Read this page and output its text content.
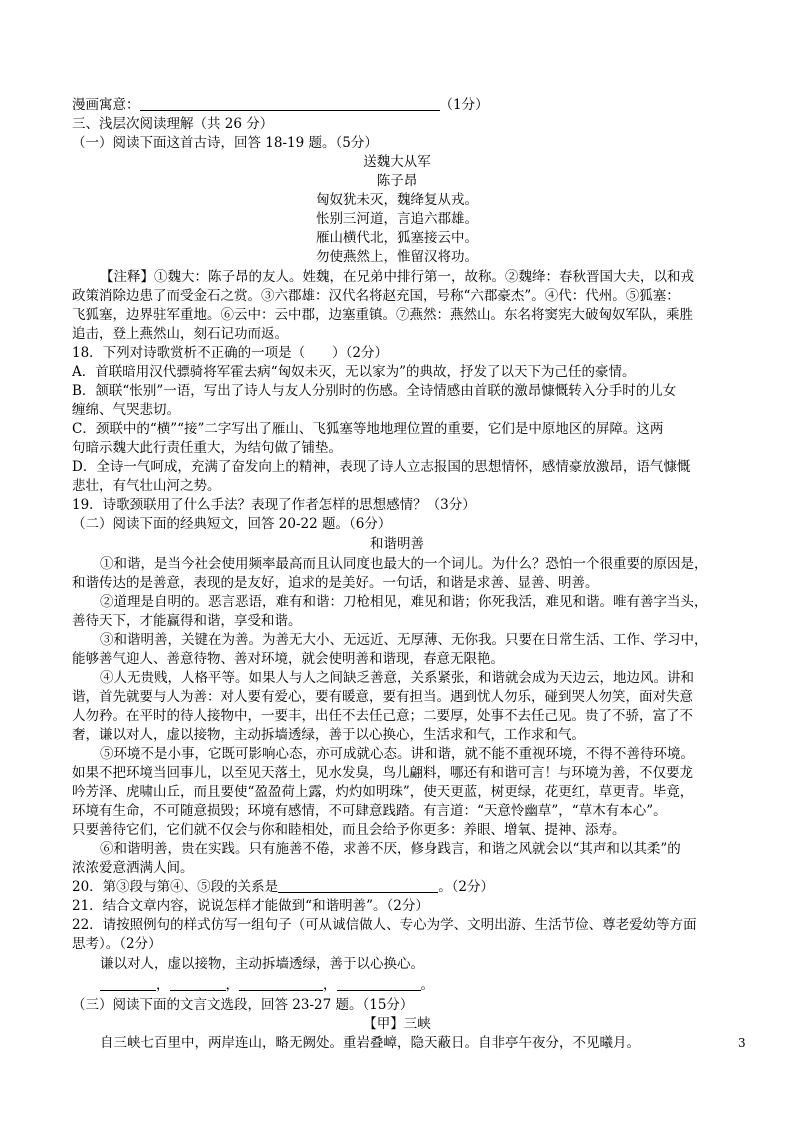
漫画寓意：	（1分）
三、浅层次阅读理解（共 26 分）
（一）阅读下面这首古诗，回答 18-19 题。（5分）
送魏大从军
陈子昂
匈奴犹未灭，魏绛复从戎。
怅别三河道，言追六郡雄。
雁山横代北，狐塞接云中。
勿使燕然上，惟留汉将功。
【注释】①魏大：陈子昂的友人。姓魏，在兄弟中排行第一，故称。②魏绛：春秋晋国大夫，以和戎
政策消除边患了而受金石之赏。③六郡雄：汉代名将赵充国，号称“六郡豪杰”。④代：代州。⑤狐塞：
飞狐塞，边界驻军重地。⑥云中：云中郡，边塞重镇。⑦燕然：燕然山。东名将窦宪大破匈奴军队，乘胜
追击，登上燕然山，刻石记功而返。
18．下列对诗歌赏析不正确的一项是（　　）（2分）
A．首联暗用汉代骠骑将军霍去病“匈奴未灭，无以家为”的典故，抒发了以天下为己任的豪情。
B．颔联“怅别”一语，写出了诗人与友人分别时的伤感。全诗情感由首联的激昂慷慨转入分手时的儿女
缠绵、气哭悲切。
C．颈联中的“横”“接”二字写出了雁山、飞狐塞等地地理位置的重要，它们是中原地区的屏障。这两
句暗示魏大此行责任重大，为结句做了铺垫。
D．全诗一气呵成，充满了奋发向上的精神，表现了诗人立志报国的思想情怀，感情豪放激昂，语气慷慨
悲壮，有气壮山河之势。
19．诗歌颈联用了什么手法？表现了作者怎样的思想感情？（3分）
（二）阅读下面的经典短文，回答 20-22 题。（6分）
和谐明善
①和谐，是当今社会使用频率最高而且认同度也最大的一个词儿。为什么？恐怕一个很重要的原因是，
和谐传达的是善意，表现的是友好，追求的是美好。一句话，和谐是求善、显善、明善。
②道理是自明的。恶言恶语，难有和谐：刀枪相见，难见和谐；你死我活，难见和谐。唯有善字当头，
善待天下，才能赢得和谐，享受和谐。
③和谐明善，关键在为善。为善无大小、无远近、无厚薄、无你我。只要在日常生活、工作、学习中，
能够善气迎人、善意待物、善对环境，就会使明善和谐现，春意无限艳。
④人无贵贱，人格平等。如果人与人之间缺乏善意，关系紧张，和谐就会成为天边云，地边风。讲和
谐，首先就要与人为善：对人要有爱心，要有暖意，要有担当。遇到忧人勿乐，碰到哭人勿笑，面对失意
人勿矜。在平时的待人接物中，一要丰，出任不去任己意；二要厚，处事不去任己见。贵了不骄，富了不
奢，谦以对人，虚以接物，主动拆墙透绿，善于以心换心，生活求和气，工作求和气。
⑤环境不是小事，它既可影响心态，亦可成就心态。讲和谐，就不能不重视环境，不得不善待环境。
如果不把环境当回事儿，以至见天落土，见水发臭，鸟儿翩料，哪还有和谐可言！与环境为善，不仅要龙
吟芳泽、虎啸山丘，而且要使“盈盈荷上露，灼灼如明珠”，使天更蓝，树更绿，花更红，草更青。毕竟，
环境有生命，不可随意损毁；环境有感情，不可肆意践踏。有言道：“天意怜幽草”，“草木有本心”。
只要善待它们，它们就不仅会与你和睦相处，而且会给予你更多：养眼、增氧、提神、添寿。
⑥和谐明善，贵在实践。只有施善不倦，求善不厌，修身践言，和谐之风就会以“其声和以其柔”的
浓浓爱意洒满人间。
20．第③段与第④、⑤段的关系是	。（2分）
21．结合文章内容，说说怎样才能做到“和谐明善”。（2分）
22．请按照例句的样式仿写一组句子（可从诚信做人、专心为学、文明出游、生活节俭、尊老爱幼等方面
思考）。（2分）
谦以对人，虚以接物，主动拆墙透绿，善于以心换心。
，	，	，	。
（三）阅读下面的文言文选段，回答 23-27 题。（15分）
【甲】三峡
自三峡七百里中，两岸连山，略无阙处。重岩叠嶂，隐天蔽日。自非亭午夜分，不见曦月。	3
